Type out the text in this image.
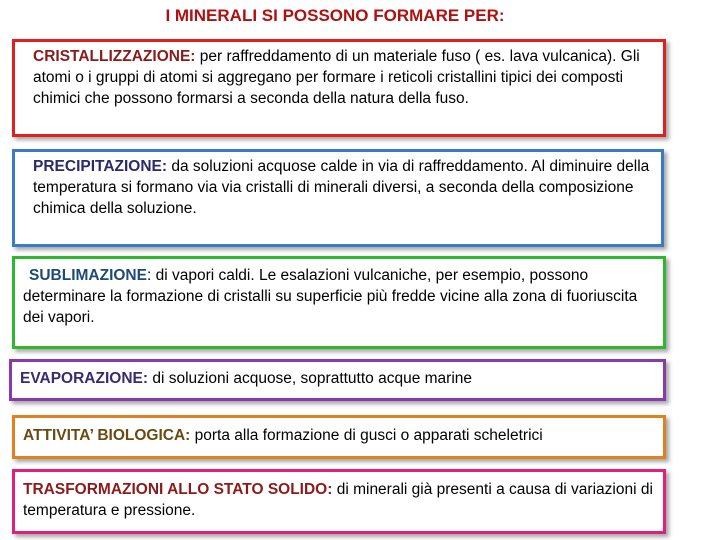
I MINERALI SI POSSONO FORMARE PER:
CRISTALLIZZAZIONE: per raffreddamento di un materiale fuso ( es. lava vulcanica). Gli atomi o i gruppi di atomi si aggregano per formare i reticoli cristallini tipici dei composti chimici che possono formarsi a seconda della natura della fuso.
PRECIPITAZIONE: da soluzioni acquose calde in via di raffreddamento. Al diminuire della temperatura si formano via via cristalli di minerali diversi, a seconda della composizione chimica della soluzione.
SUBLIMAZIONE: di vapori caldi. Le esalazioni vulcaniche, per esempio, possono determinare la formazione di cristalli su superficie più fredde vicine alla zona di fuoriuscita dei vapori.
EVAPORAZIONE: di soluzioni acquose, soprattutto acque marine
ATTIVITA’ BIOLOGICA: porta alla formazione di gusci o apparati scheletrici
TRASFORMAZIONI ALLO STATO SOLIDO: di minerali già presenti a causa di variazioni di temperatura e pressione.
